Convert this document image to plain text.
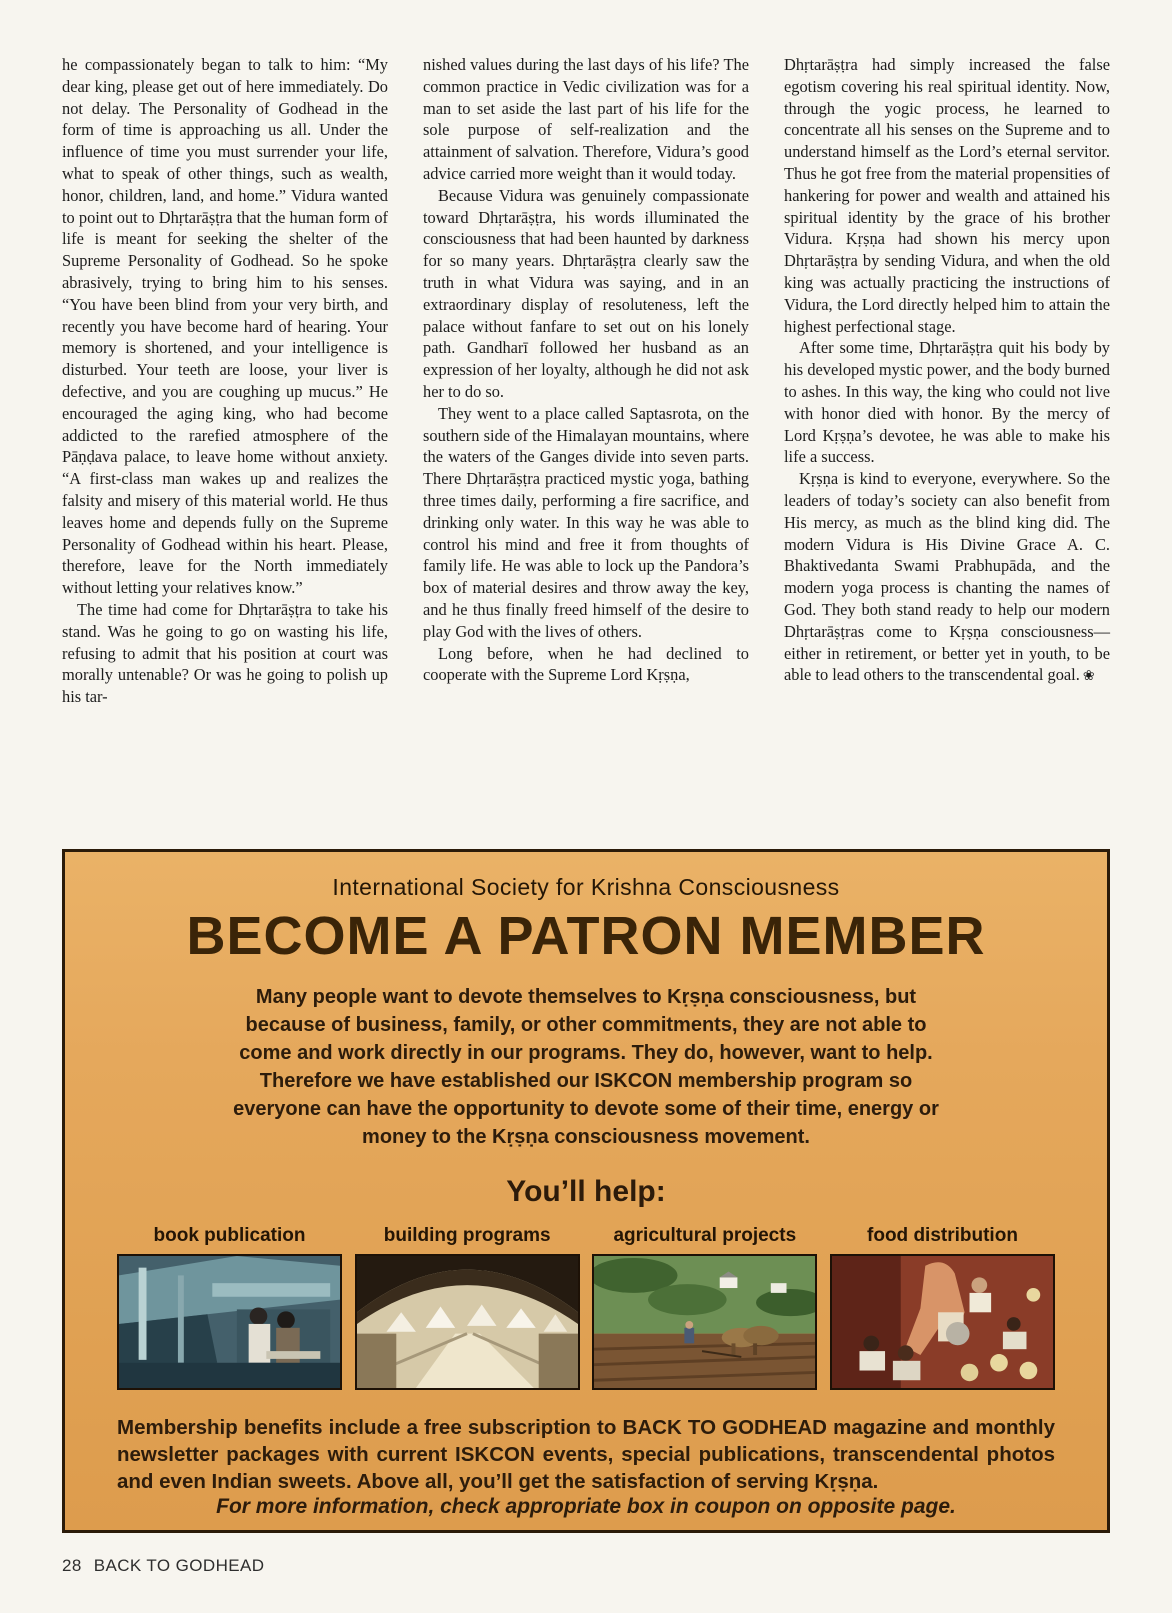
he compassionately began to talk to him: “My dear king, please get out of here immediately. Do not delay. The Personality of Godhead in the form of time is approaching us all. Under the influence of time you must surrender your life, what to speak of other things, such as wealth, honor, children, land, and home.” Vidura wanted to point out to Dhṛtarāṣṭra that the human form of life is meant for seeking the shelter of the Supreme Personality of Godhead. So he spoke abrasively, trying to bring him to his senses. “You have been blind from your very birth, and recently you have become hard of hearing. Your memory is shortened, and your intelligence is disturbed. Your teeth are loose, your liver is defective, and you are coughing up mucus.” He encouraged the aging king, who had become addicted to the rarefied atmosphere of the Pāṇḍava palace, to leave home without anxiety. “A first-class man wakes up and realizes the falsity and misery of this material world. He thus leaves home and depends fully on the Supreme Personality of Godhead within his heart. Please, therefore, leave for the North immediately without letting your relatives know.”

The time had come for Dhṛtarāṣṭra to take his stand. Was he going to go on wasting his life, refusing to admit that his position at court was morally untenable? Or was he going to polish up his tar-

nished values during the last days of his life? The common practice in Vedic civilization was for a man to set aside the last part of his life for the sole purpose of self-realization and the attainment of salvation. Therefore, Vidura’s good advice carried more weight than it would today.

Because Vidura was genuinely compassionate toward Dhṛtarāṣṭra, his words illuminated the consciousness that had been haunted by darkness for so many years. Dhṛtarāṣṭra clearly saw the truth in what Vidura was saying, and in an extraordinary display of resoluteness, left the palace without fanfare to set out on his lonely path. Gandharī followed her husband as an expression of her loyalty, although he did not ask her to do so.

They went to a place called Saptasrota, on the southern side of the Himalayan mountains, where the waters of the Ganges divide into seven parts. There Dhṛtarāṣṭra practiced mystic yoga, bathing three times daily, performing a fire sacrifice, and drinking only water. In this way he was able to control his mind and free it from thoughts of family life. He was able to lock up the Pandora’s box of material desires and throw away the key, and he thus finally freed himself of the desire to play God with the lives of others.

Long before, when he had declined to cooperate with the Supreme Lord Kṛṣṇa,

Dhṛtarāṣṭra had simply increased the false egotism covering his real spiritual identity. Now, through the yogic process, he learned to concentrate all his senses on the Supreme and to understand himself as the Lord’s eternal servitor. Thus he got free from the material propensities of hankering for power and wealth and attained his spiritual identity by the grace of his brother Vidura. Kṛṣṇa had shown his mercy upon Dhṛtarāṣṭra by sending Vidura, and when the old king was actually practicing the instructions of Vidura, the Lord directly helped him to attain the highest perfectional stage.

After some time, Dhṛtarāṣṭra quit his body by his developed mystic power, and the body burned to ashes. In this way, the king who could not live with honor died with honor. By the mercy of Lord Kṛṣṇa’s devotee, he was able to make his life a success.

Kṛṣṇa is kind to everyone, everywhere. So the leaders of today’s society can also benefit from His mercy, as much as the blind king did. The modern Vidura is His Divine Grace A. C. Bhaktivedanta Swami Prabhupāda, and the modern yoga process is chanting the names of God. They both stand ready to help our modern Dhṛtarāṣṭras come to Kṛṣṇa consciousness—either in retirement, or better yet in youth, to be able to lead others to the transcendental goal. ❀

International Society for Krishna Consciousness
BECOME A PATRON MEMBER
Many people want to devote themselves to Kṛṣṇa consciousness, but because of business, family, or other commitments, they are not able to come and work directly in our programs. They do, however, want to help. Therefore we have established our ISKCON membership program so everyone can have the opportunity to devote some of their time, energy or money to the Kṛṣṇa consciousness movement.
You’ll help:
book publication	building programs	agricultural projects	food distribution
Membership benefits include a free subscription to BACK TO GODHEAD magazine and monthly newsletter packages with current ISKCON events, special publications, transcendental photos and even Indian sweets. Above all, you’ll get the satisfaction of serving Kṛṣṇa.
For more information, check appropriate box in coupon on opposite page.
28 BACK TO GODHEAD
